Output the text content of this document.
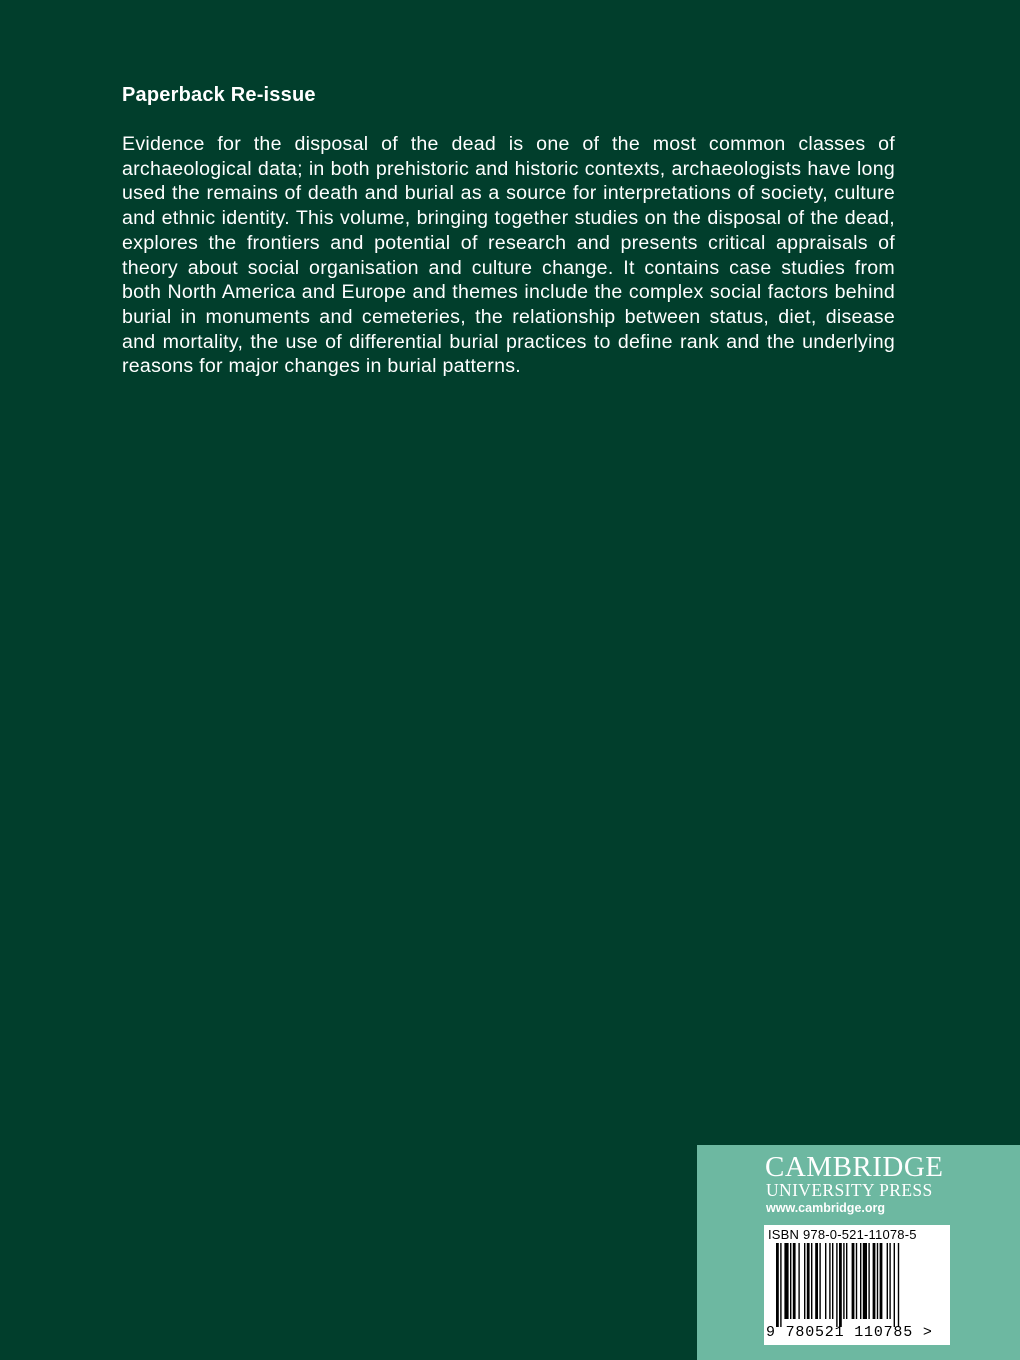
Paperback Re-issue

Evidence for the disposal of the dead is one of the most common classes of archaeological data; in both prehistoric and historic contexts, archaeologists have long used the remains of death and burial as a source for interpretations of society, culture and ethnic identity. This volume, bringing together studies on the disposal of the dead, explores the frontiers and potential of research and presents critical appraisals of theory about social organisation and culture change. It contains case studies from both North America and Europe and themes include the complex social factors behind burial in monuments and cemeteries, the relationship between status, diet, disease and mortality, the use of differential burial practices to define rank and the underlying reasons for major changes in burial patterns.

CAMBRIDGE
UNIVERSITY PRESS
www.cambridge.org
ISBN 978-0-521-11078-5
9 780521 110785 >
